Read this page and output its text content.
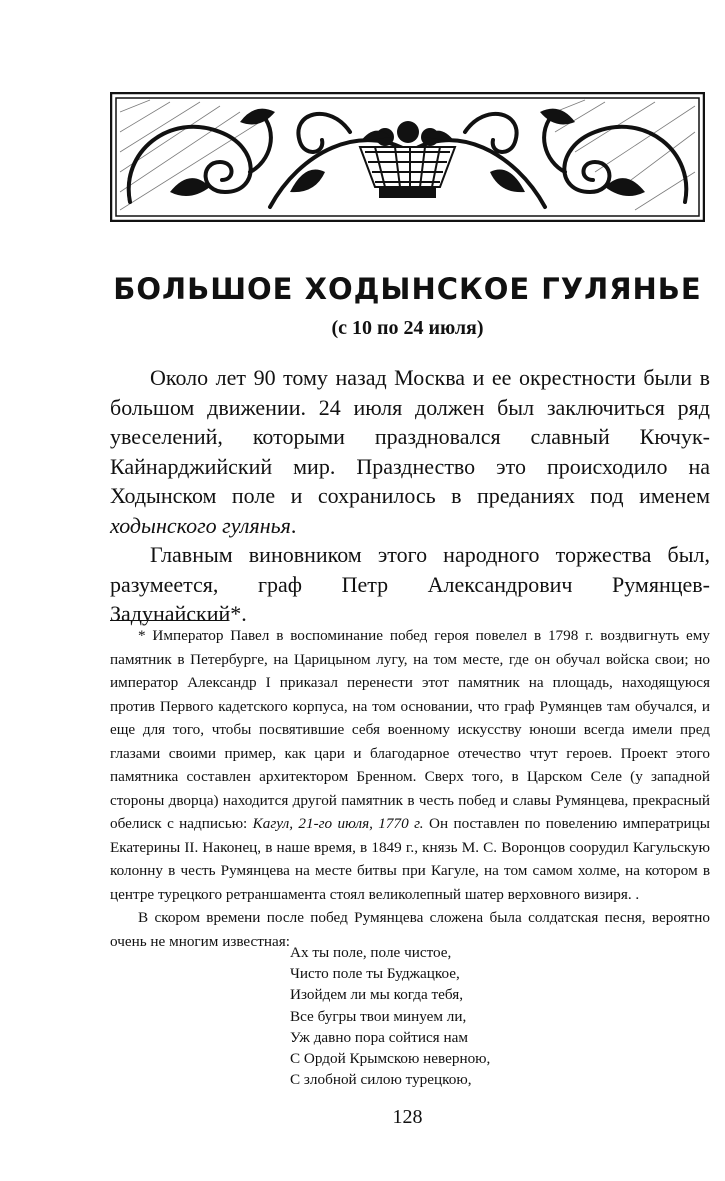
БОЛЬШОЕ ХОДЫНСКОЕ ГУЛЯНЬЕ
(с 10 по 24 июля)

Около лет 90 тому назад Москва и ее окрестности были в большом движении. 24 июля должен был заключиться ряд увеселений, которыми праздновался славный Кючук-Кайнарджийский мир. Празднество это происходило на Ходынском поле и сохранилось в преданиях под именем ходынского гулянья.

Главным виновником этого народного торжества был, разумеется, граф Петр Александрович Румянцев-Задунайский*.

* Император Павел в воспоминание побед героя повелел в 1798 г. воздвигнуть ему памятник в Петербурге, на Царицыном лугу, на том месте, где он обучал войска свои; но император Александр I приказал перенести этот памятник на площадь, находящуюся против Первого кадетского корпуса, на том основании, что граф Румянцев там обучался, и еще для того, чтобы посвятившие себя военному искусству юноши всегда имели пред глазами своими пример, как цари и благодарное отечество чтут героев. Проект этого памятника составлен архитектором Бренном. Сверх того, в Царском Селе (у западной стороны дворца) находится другой памятник в честь побед и славы Румянцева, прекрасный обелиск с надписью: Кагул, 21-го июля, 1770 г. Он поставлен по повелению императрицы Екатерины II. Наконец, в наше время, в 1849 г., князь М. С. Воронцов соорудил Кагульскую колонну в честь Румянцева на месте битвы при Кагуле, на том самом холме, на котором в центре турецкого ретраншамента стоял великолепный шатер верховного визиря. .

В скором времени после побед Румянцева сложена была солдатская песня, вероятно очень не многим известная:

Ах ты поле, поле чистое,
Чисто поле ты Буджацкое,
Изойдем ли мы когда тебя,
Все бугры твои минуем ли,
Уж давно пора сойтися нам
С Ордой Крымскою неверною,
С злобной силою турецкою,
128
